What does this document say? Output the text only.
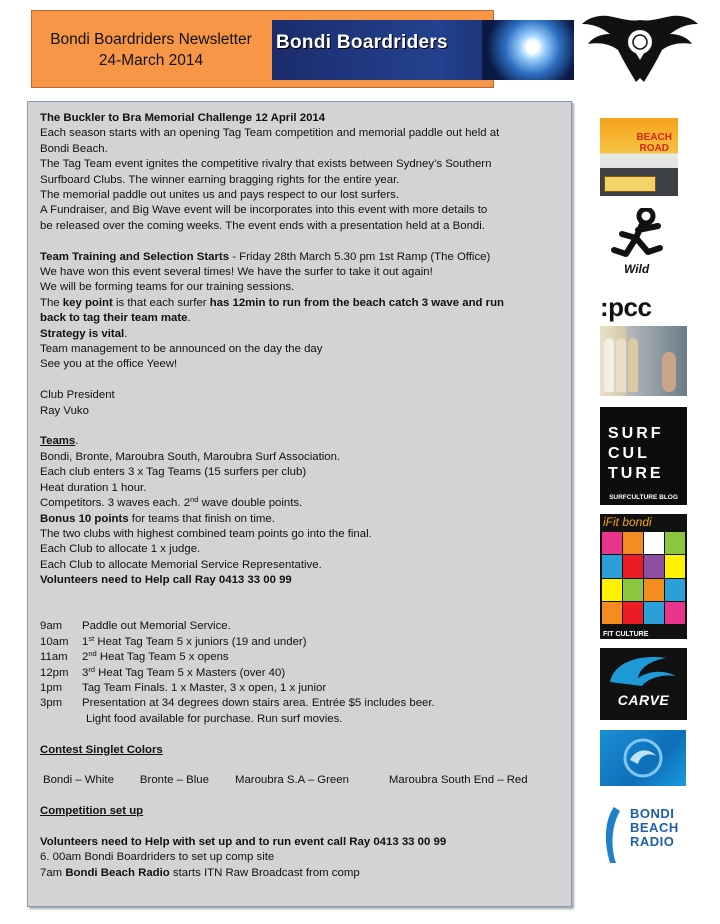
Bondi Boardriders Newsletter
24-March 2014
Bondi Boardriders
The Buckler to Bra Memorial Challenge 12 April 2014
Each season starts with an opening Tag Team competition and memorial paddle out held at
Bondi Beach.
The Tag Team event ignites the competitive rivalry that exists between Sydney’s Southern
Surfboard Clubs. The winner earning bragging rights for the entire year.
The memorial paddle out unites us and pays respect to our lost surfers.
A Fundraiser, and Big Wave event will be incorporates into this event with more details to
be released over the coming weeks. The event ends with a presentation held at a Bondi.
Team Training and Selection Starts - Friday 28th March 5.30 pm 1st Ramp (The Office)
We have won this event several times! We have the surfer to take it out again!
We will be forming teams for our training sessions.
The key point is that each surfer has 12min to run from the beach catch 3 wave and run
back to tag their team mate.
Strategy is vital.
Team management to be announced on the day the day
See you at the office Yeew!
Club President
Ray Vuko
Teams.
Bondi, Bronte, Maroubra South, Maroubra Surf Association.
Each club enters 3 x Tag Teams (15 surfers per club)
Heat duration 1 hour.
Competitors. 3 waves each. 2nd wave double points.
Bonus 10 points for teams that finish on time.
The two clubs with highest combined team points go into the final.
Each Club to allocate 1 x judge.
Each Club to allocate Memorial Service Representative.
Volunteers need to Help call Ray 0413 33 00 99
9am	Paddle out Memorial Service.
10am	1st Heat Tag Team 5 x juniors (19 and under)
11am	2nd Heat Tag Team 5 x opens
12pm	3rd Heat Tag Team 5 x Masters (over 40)
1pm	Tag Team Finals. 1 x Master, 3 x open, 1 x junior
3pm	Presentation at 34 degrees down stairs area. Entrée $5 includes beer.
Light food available for purchase. Run surf movies.
Contest Singlet Colors
Bondi – White Bronte – Blue Maroubra S.A – Green	Maroubra South End – Red
Competition set up
Volunteers need to Help with set up and to run event call Ray 0413 33 00 99
6. 00am Bondi Boardriders to set up comp site
7am Bondi Beach Radio starts ITN Raw Broadcast from comp
BEACH
ROAD
Wild
:pcc
SURF
CUL
TURE
SURFCULTURE BLOG
iFit bondi
FIT CULTURE
CARVE
BONDI
BEACH
RADIO
